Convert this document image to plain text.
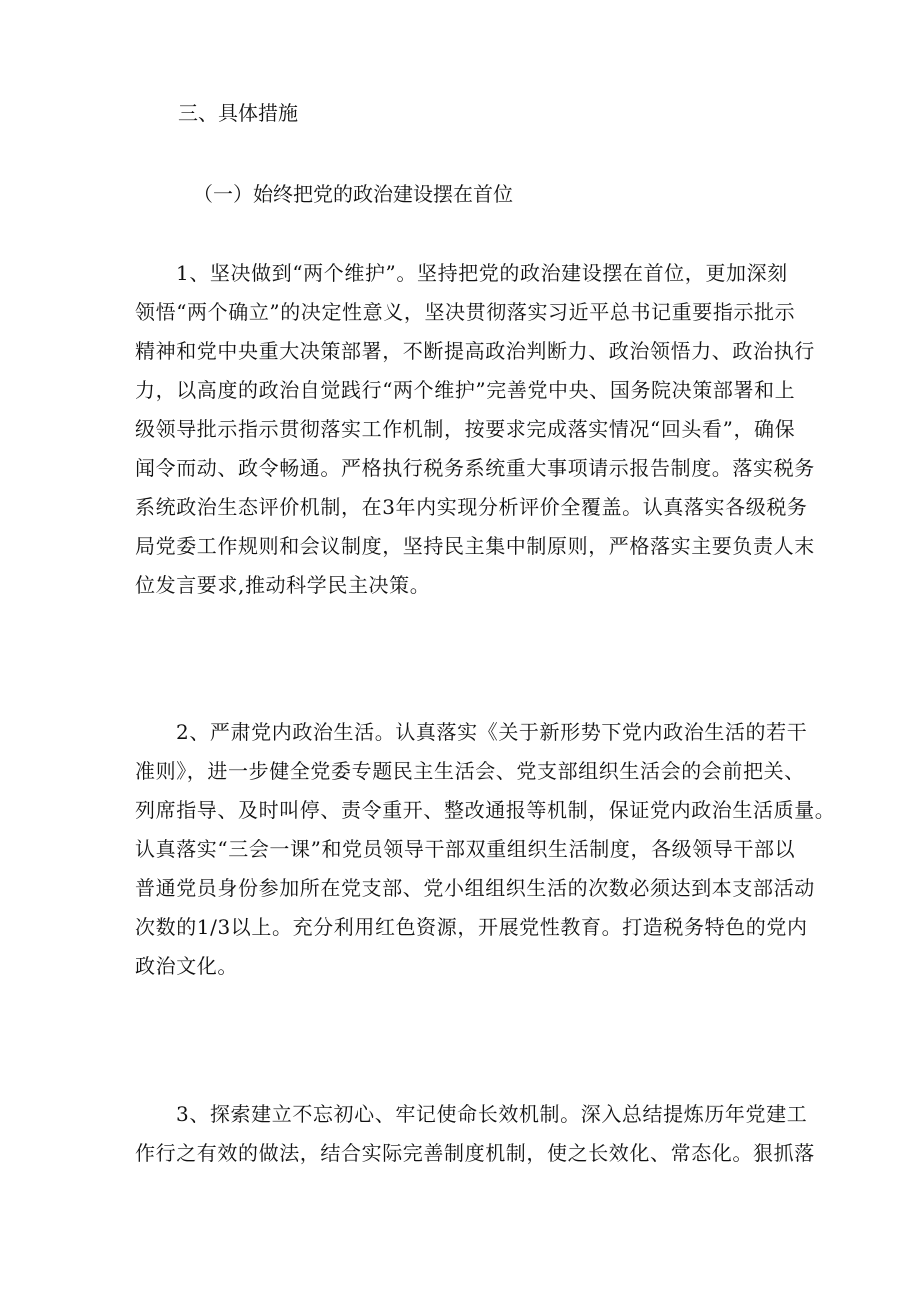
三、具体措施
（一）始终把党的政治建设摆在首位
1、坚决做到“两个维护”。坚持把党的政治建设摆在首位，更加深刻
领悟“两个确立”的决定性意义，坚决贯彻落实习近平总书记重要指示批示
精神和党中央重大决策部署，不断提高政治判断力、政治领悟力、政治执行
力，以高度的政治自觉践行“两个维护”完善党中央、国务院决策部署和上
级领导批示指示贯彻落实工作机制，按要求完成落实情况“回头看”，确保
闻令而动、政令畅通。严格执行税务系统重大事项请示报告制度。落实税务
系统政治生态评价机制，在3年内实现分析评价全覆盖。认真落实各级税务
局党委工作规则和会议制度，坚持民主集中制原则，严格落实主要负责人末
位发言要求,推动科学民主决策。
2、严肃党内政治生活。认真落实《关于新形势下党内政治生活的若干
准则》，进一步健全党委专题民主生活会、党支部组织生活会的会前把关、
列席指导、及时叫停、责令重开、整改通报等机制，保证党内政治生活质量。
认真落实“三会一课”和党员领导干部双重组织生活制度，各级领导干部以
普通党员身份参加所在党支部、党小组组织生活的次数必须达到本支部活动
次数的1/3以上。充分利用红色资源，开展党性教育。打造税务特色的党内
政治文化。
3、探索建立不忘初心、牢记使命长效机制。深入总结提炼历年党建工
作行之有效的做法，结合实际完善制度机制，使之长效化、常态化。狠抓落
